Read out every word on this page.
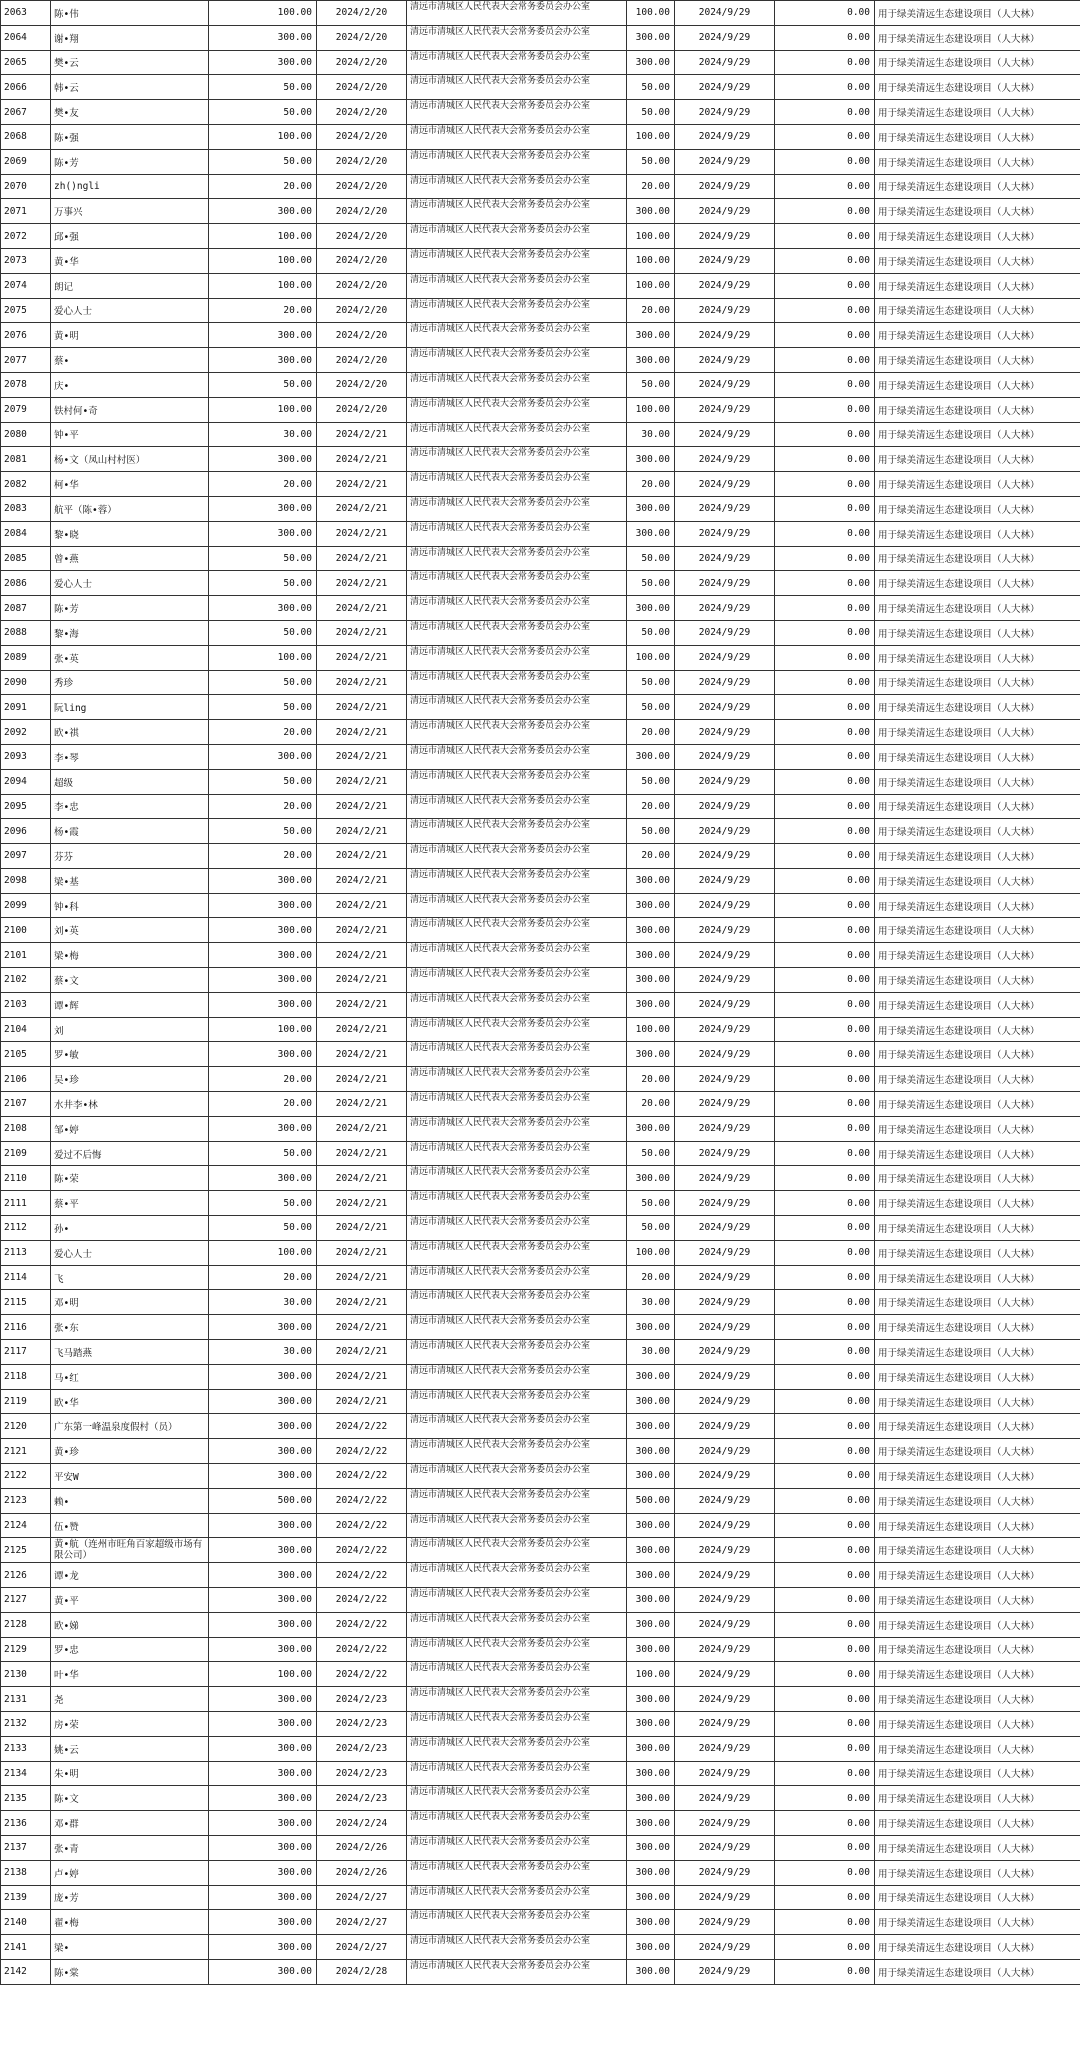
2063	陈•伟	100.00	2024/2/20	清远市清城区人民代表大会常务委员会办公室	100.00	2024/9/29	0.00	用于绿美清远生态建设项目（人大林）
2064	谢•翔	300.00	2024/2/20	清远市清城区人民代表大会常务委员会办公室	300.00	2024/9/29	0.00	用于绿美清远生态建设项目（人大林）
2065	樊•云	300.00	2024/2/20	清远市清城区人民代表大会常务委员会办公室	300.00	2024/9/29	0.00	用于绿美清远生态建设项目（人大林）
2066	韩•云	50.00	2024/2/20	清远市清城区人民代表大会常务委员会办公室	50.00	2024/9/29	0.00	用于绿美清远生态建设项目（人大林）
2067	樊•友	50.00	2024/2/20	清远市清城区人民代表大会常务委员会办公室	50.00	2024/9/29	0.00	用于绿美清远生态建设项目（人大林）
2068	陈•强	100.00	2024/2/20	清远市清城区人民代表大会常务委员会办公室	100.00	2024/9/29	0.00	用于绿美清远生态建设项目（人大林）
2069	陈•芳	50.00	2024/2/20	清远市清城区人民代表大会常务委员会办公室	50.00	2024/9/29	0.00	用于绿美清远生态建设项目（人大林）
2070	zh()ngli	20.00	2024/2/20	清远市清城区人民代表大会常务委员会办公室	20.00	2024/9/29	0.00	用于绿美清远生态建设项目（人大林）
2071	万事兴	300.00	2024/2/20	清远市清城区人民代表大会常务委员会办公室	300.00	2024/9/29	0.00	用于绿美清远生态建设项目（人大林）
2072	邱•强	100.00	2024/2/20	清远市清城区人民代表大会常务委员会办公室	100.00	2024/9/29	0.00	用于绿美清远生态建设项目（人大林）
2073	黄•华	100.00	2024/2/20	清远市清城区人民代表大会常务委员会办公室	100.00	2024/9/29	0.00	用于绿美清远生态建设项目（人大林）
2074	朗记	100.00	2024/2/20	清远市清城区人民代表大会常务委员会办公室	100.00	2024/9/29	0.00	用于绿美清远生态建设项目（人大林）
2075	爱心人士	20.00	2024/2/20	清远市清城区人民代表大会常务委员会办公室	20.00	2024/9/29	0.00	用于绿美清远生态建设项目（人大林）
2076	黄•明	300.00	2024/2/20	清远市清城区人民代表大会常务委员会办公室	300.00	2024/9/29	0.00	用于绿美清远生态建设项目（人大林）
2077	蔡•	300.00	2024/2/20	清远市清城区人民代表大会常务委员会办公室	300.00	2024/9/29	0.00	用于绿美清远生态建设项目（人大林）
2078	庆•	50.00	2024/2/20	清远市清城区人民代表大会常务委员会办公室	50.00	2024/9/29	0.00	用于绿美清远生态建设项目（人大林）
2079	铁村何•奇	100.00	2024/2/20	清远市清城区人民代表大会常务委员会办公室	100.00	2024/9/29	0.00	用于绿美清远生态建设项目（人大林）
2080	钟•平	30.00	2024/2/21	清远市清城区人民代表大会常务委员会办公室	30.00	2024/9/29	0.00	用于绿美清远生态建设项目（人大林）
2081	杨•文（凤山村村医）	300.00	2024/2/21	清远市清城区人民代表大会常务委员会办公室	300.00	2024/9/29	0.00	用于绿美清远生态建设项目（人大林）
2082	柯•华	20.00	2024/2/21	清远市清城区人民代表大会常务委员会办公室	20.00	2024/9/29	0.00	用于绿美清远生态建设项目（人大林）
2083	航平（陈•蓉）	300.00	2024/2/21	清远市清城区人民代表大会常务委员会办公室	300.00	2024/9/29	0.00	用于绿美清远生态建设项目（人大林）
2084	黎•晓	300.00	2024/2/21	清远市清城区人民代表大会常务委员会办公室	300.00	2024/9/29	0.00	用于绿美清远生态建设项目（人大林）
2085	曾•燕	50.00	2024/2/21	清远市清城区人民代表大会常务委员会办公室	50.00	2024/9/29	0.00	用于绿美清远生态建设项目（人大林）
2086	爱心人士	50.00	2024/2/21	清远市清城区人民代表大会常务委员会办公室	50.00	2024/9/29	0.00	用于绿美清远生态建设项目（人大林）
2087	陈•芳	300.00	2024/2/21	清远市清城区人民代表大会常务委员会办公室	300.00	2024/9/29	0.00	用于绿美清远生态建设项目（人大林）
2088	黎•海	50.00	2024/2/21	清远市清城区人民代表大会常务委员会办公室	50.00	2024/9/29	0.00	用于绿美清远生态建设项目（人大林）
2089	张•英	100.00	2024/2/21	清远市清城区人民代表大会常务委员会办公室	100.00	2024/9/29	0.00	用于绿美清远生态建设项目（人大林）
2090	秀珍	50.00	2024/2/21	清远市清城区人民代表大会常务委员会办公室	50.00	2024/9/29	0.00	用于绿美清远生态建设项目（人大林）
2091	阮ling	50.00	2024/2/21	清远市清城区人民代表大会常务委员会办公室	50.00	2024/9/29	0.00	用于绿美清远生态建设项目（人大林）
2092	欧•祺	20.00	2024/2/21	清远市清城区人民代表大会常务委员会办公室	20.00	2024/9/29	0.00	用于绿美清远生态建设项目（人大林）
2093	李•琴	300.00	2024/2/21	清远市清城区人民代表大会常务委员会办公室	300.00	2024/9/29	0.00	用于绿美清远生态建设项目（人大林）
2094	超级	50.00	2024/2/21	清远市清城区人民代表大会常务委员会办公室	50.00	2024/9/29	0.00	用于绿美清远生态建设项目（人大林）
2095	李•忠	20.00	2024/2/21	清远市清城区人民代表大会常务委员会办公室	20.00	2024/9/29	0.00	用于绿美清远生态建设项目（人大林）
2096	杨•霞	50.00	2024/2/21	清远市清城区人民代表大会常务委员会办公室	50.00	2024/9/29	0.00	用于绿美清远生态建设项目（人大林）
2097	芬芬	20.00	2024/2/21	清远市清城区人民代表大会常务委员会办公室	20.00	2024/9/29	0.00	用于绿美清远生态建设项目（人大林）
2098	梁•基	300.00	2024/2/21	清远市清城区人民代表大会常务委员会办公室	300.00	2024/9/29	0.00	用于绿美清远生态建设项目（人大林）
2099	钟•科	300.00	2024/2/21	清远市清城区人民代表大会常务委员会办公室	300.00	2024/9/29	0.00	用于绿美清远生态建设项目（人大林）
2100	刘•英	300.00	2024/2/21	清远市清城区人民代表大会常务委员会办公室	300.00	2024/9/29	0.00	用于绿美清远生态建设项目（人大林）
2101	梁•梅	300.00	2024/2/21	清远市清城区人民代表大会常务委员会办公室	300.00	2024/9/29	0.00	用于绿美清远生态建设项目（人大林）
2102	蔡•文	300.00	2024/2/21	清远市清城区人民代表大会常务委员会办公室	300.00	2024/9/29	0.00	用于绿美清远生态建设项目（人大林）
2103	谭•辉	300.00	2024/2/21	清远市清城区人民代表大会常务委员会办公室	300.00	2024/9/29	0.00	用于绿美清远生态建设项目（人大林）
2104	刘	100.00	2024/2/21	清远市清城区人民代表大会常务委员会办公室	100.00	2024/9/29	0.00	用于绿美清远生态建设项目（人大林）
2105	罗•敏	300.00	2024/2/21	清远市清城区人民代表大会常务委员会办公室	300.00	2024/9/29	0.00	用于绿美清远生态建设项目（人大林）
2106	吴•珍	20.00	2024/2/21	清远市清城区人民代表大会常务委员会办公室	20.00	2024/9/29	0.00	用于绿美清远生态建设项目（人大林）
2107	水井李•林	20.00	2024/2/21	清远市清城区人民代表大会常务委员会办公室	20.00	2024/9/29	0.00	用于绿美清远生态建设项目（人大林）
2108	邹•婷	300.00	2024/2/21	清远市清城区人民代表大会常务委员会办公室	300.00	2024/9/29	0.00	用于绿美清远生态建设项目（人大林）
2109	爱过不后悔	50.00	2024/2/21	清远市清城区人民代表大会常务委员会办公室	50.00	2024/9/29	0.00	用于绿美清远生态建设项目（人大林）
2110	陈•荣	300.00	2024/2/21	清远市清城区人民代表大会常务委员会办公室	300.00	2024/9/29	0.00	用于绿美清远生态建设项目（人大林）
2111	蔡•平	50.00	2024/2/21	清远市清城区人民代表大会常务委员会办公室	50.00	2024/9/29	0.00	用于绿美清远生态建设项目（人大林）
2112	孙•	50.00	2024/2/21	清远市清城区人民代表大会常务委员会办公室	50.00	2024/9/29	0.00	用于绿美清远生态建设项目（人大林）
2113	爱心人士	100.00	2024/2/21	清远市清城区人民代表大会常务委员会办公室	100.00	2024/9/29	0.00	用于绿美清远生态建设项目（人大林）
2114	飞	20.00	2024/2/21	清远市清城区人民代表大会常务委员会办公室	20.00	2024/9/29	0.00	用于绿美清远生态建设项目（人大林）
2115	邓•明	30.00	2024/2/21	清远市清城区人民代表大会常务委员会办公室	30.00	2024/9/29	0.00	用于绿美清远生态建设项目（人大林）
2116	张•东	300.00	2024/2/21	清远市清城区人民代表大会常务委员会办公室	300.00	2024/9/29	0.00	用于绿美清远生态建设项目（人大林）
2117	飞马踏燕	30.00	2024/2/21	清远市清城区人民代表大会常务委员会办公室	30.00	2024/9/29	0.00	用于绿美清远生态建设项目（人大林）
2118	马•红	300.00	2024/2/21	清远市清城区人民代表大会常务委员会办公室	300.00	2024/9/29	0.00	用于绿美清远生态建设项目（人大林）
2119	欧•华	300.00	2024/2/21	清远市清城区人民代表大会常务委员会办公室	300.00	2024/9/29	0.00	用于绿美清远生态建设项目（人大林）
2120	广东第一峰温泉度假村（员）	300.00	2024/2/22	清远市清城区人民代表大会常务委员会办公室	300.00	2024/9/29	0.00	用于绿美清远生态建设项目（人大林）
2121	黄•珍	300.00	2024/2/22	清远市清城区人民代表大会常务委员会办公室	300.00	2024/9/29	0.00	用于绿美清远生态建设项目（人大林）
2122	平安W	300.00	2024/2/22	清远市清城区人民代表大会常务委员会办公室	300.00	2024/9/29	0.00	用于绿美清远生态建设项目（人大林）
2123	赖•	500.00	2024/2/22	清远市清城区人民代表大会常务委员会办公室	500.00	2024/9/29	0.00	用于绿美清远生态建设项目（人大林）
2124	伍•赞	300.00	2024/2/22	清远市清城区人民代表大会常务委员会办公室	300.00	2024/9/29	0.00	用于绿美清远生态建设项目（人大林）
2125	黄•航（连州市旺角百家超级市场有限公司）	300.00	2024/2/22	清远市清城区人民代表大会常务委员会办公室	300.00	2024/9/29	0.00	用于绿美清远生态建设项目（人大林）
2126	谭•龙	300.00	2024/2/22	清远市清城区人民代表大会常务委员会办公室	300.00	2024/9/29	0.00	用于绿美清远生态建设项目（人大林）
2127	黄•平	300.00	2024/2/22	清远市清城区人民代表大会常务委员会办公室	300.00	2024/9/29	0.00	用于绿美清远生态建设项目（人大林）
2128	欧•娣	300.00	2024/2/22	清远市清城区人民代表大会常务委员会办公室	300.00	2024/9/29	0.00	用于绿美清远生态建设项目（人大林）
2129	罗•忠	300.00	2024/2/22	清远市清城区人民代表大会常务委员会办公室	300.00	2024/9/29	0.00	用于绿美清远生态建设项目（人大林）
2130	叶•华	100.00	2024/2/22	清远市清城区人民代表大会常务委员会办公室	100.00	2024/9/29	0.00	用于绿美清远生态建设项目（人大林）
2131	尧	300.00	2024/2/23	清远市清城区人民代表大会常务委员会办公室	300.00	2024/9/29	0.00	用于绿美清远生态建设项目（人大林）
2132	房•荣	300.00	2024/2/23	清远市清城区人民代表大会常务委员会办公室	300.00	2024/9/29	0.00	用于绿美清远生态建设项目（人大林）
2133	姚•云	300.00	2024/2/23	清远市清城区人民代表大会常务委员会办公室	300.00	2024/9/29	0.00	用于绿美清远生态建设项目（人大林）
2134	朱•明	300.00	2024/2/23	清远市清城区人民代表大会常务委员会办公室	300.00	2024/9/29	0.00	用于绿美清远生态建设项目（人大林）
2135	陈•文	300.00	2024/2/23	清远市清城区人民代表大会常务委员会办公室	300.00	2024/9/29	0.00	用于绿美清远生态建设项目（人大林）
2136	邓•群	300.00	2024/2/24	清远市清城区人民代表大会常务委员会办公室	300.00	2024/9/29	0.00	用于绿美清远生态建设项目（人大林）
2137	张•青	300.00	2024/2/26	清远市清城区人民代表大会常务委员会办公室	300.00	2024/9/29	0.00	用于绿美清远生态建设项目（人大林）
2138	卢•婷	300.00	2024/2/26	清远市清城区人民代表大会常务委员会办公室	300.00	2024/9/29	0.00	用于绿美清远生态建设项目（人大林）
2139	庞•芳	300.00	2024/2/27	清远市清城区人民代表大会常务委员会办公室	300.00	2024/9/29	0.00	用于绿美清远生态建设项目（人大林）
2140	翟•梅	300.00	2024/2/27	清远市清城区人民代表大会常务委员会办公室	300.00	2024/9/29	0.00	用于绿美清远生态建设项目（人大林）
2141	梁•	300.00	2024/2/27	清远市清城区人民代表大会常务委员会办公室	300.00	2024/9/29	0.00	用于绿美清远生态建设项目（人大林）
2142	陈•棠	300.00	2024/2/28	清远市清城区人民代表大会常务委员会办公室	300.00	2024/9/29	0.00	用于绿美清远生态建设项目（人大林）
